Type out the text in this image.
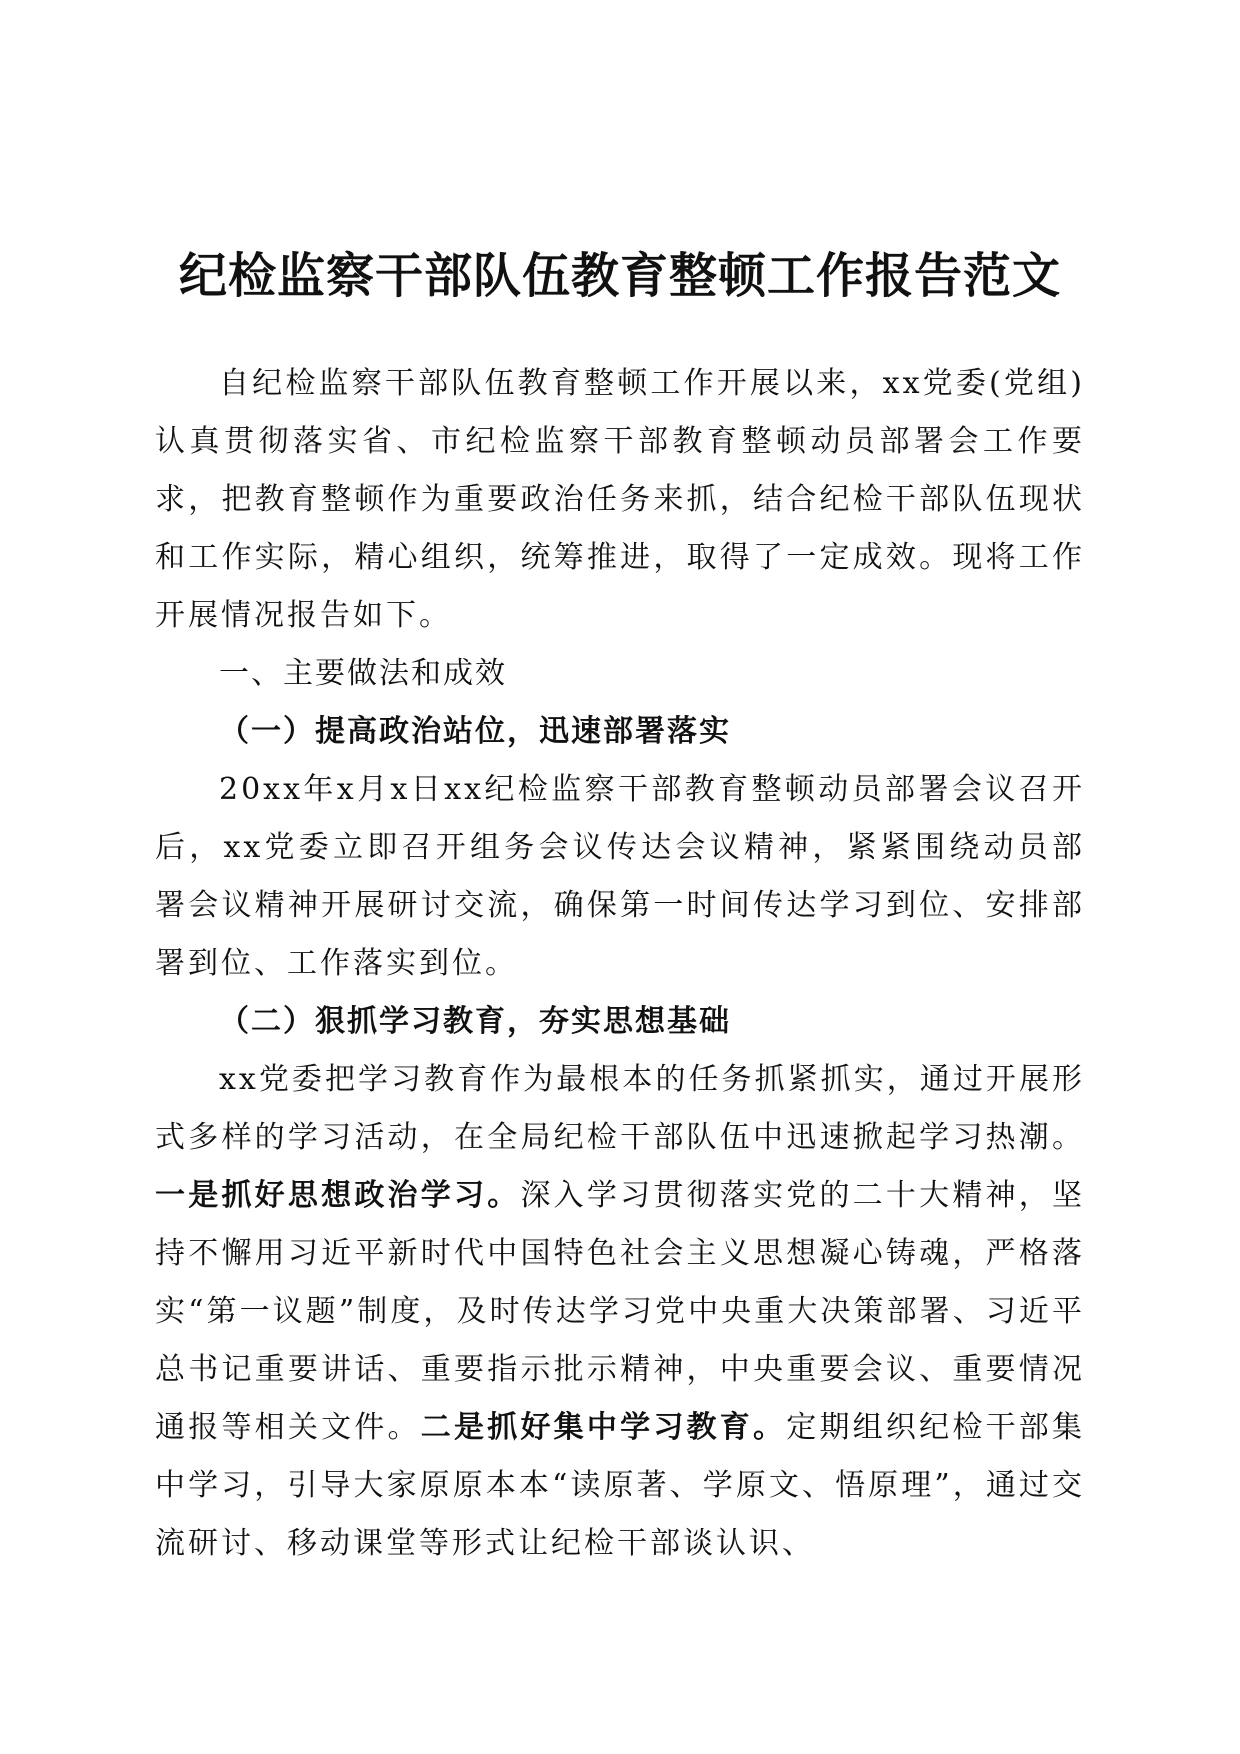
纪检监察干部队伍教育整顿工作报告范文

自纪检监察干部队伍教育整顿工作开展以来，xx党委(党组)认真贯彻落实省、市纪检监察干部教育整顿动员部署会工作要求，把教育整顿作为重要政治任务来抓，结合纪检干部队伍现状和工作实际，精心组织，统筹推进，取得了一定成效。现将工作开展情况报告如下。

一、主要做法和成效

（一）提高政治站位，迅速部署落实

20xx年x月x日xx纪检监察干部教育整顿动员部署会议召开后，xx党委立即召开组务会议传达会议精神，紧紧围绕动员部署会议精神开展研讨交流，确保第一时间传达学习到位、安排部署到位、工作落实到位。

（二）狠抓学习教育，夯实思想基础

xx党委把学习教育作为最根本的任务抓紧抓实，通过开展形式多样的学习活动，在全局纪检干部队伍中迅速掀起学习热潮。一是抓好思想政治学习。深入学习贯彻落实党的二十大精神，坚持不懈用习近平新时代中国特色社会主义思想凝心铸魂，严格落实“第一议题”制度，及时传达学习党中央重大决策部署、习近平总书记重要讲话、重要指示批示精神，中央重要会议、重要情况通报等相关文件。二是抓好集中学习教育。定期组织纪检干部集中学习，引导大家原原本本“读原著、学原文、悟原理”，通过交流研讨、移动课堂等形式让纪检干部谈认识、
